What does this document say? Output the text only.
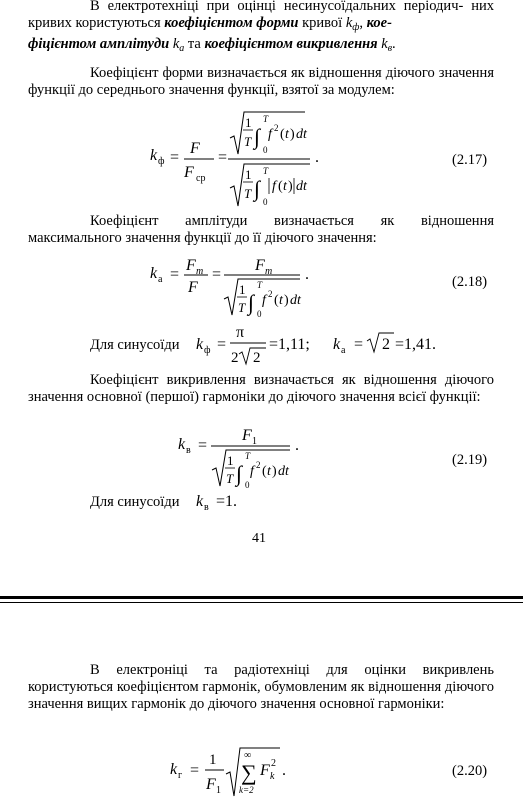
В електротехніці при оцінці несинусоїдальних періодич- них кривих користуються коефіцієнтом форми кривої $k_ф$, кое-
фіцієнтом амплітуди $k_а$ та коефіцієнтом викривлення $k_в$.
Коефіцієнт форми визначається як відношення діючого значення функції до середнього значення функції, взятої за модулем:
k ф =
F
F ср
=
1
T ∫
T
0
f 2 ( t ) dt
1
T ∫
T
0
f ( t ) dt
.	(2.17)
Коефіцієнт амплітуди визначається як відношення максимального значення функції до її діючого значення:
k а =
F m
F
=
F m
1
T ∫
T
0
f 2 ( t ) dt
.	(2.18)
Для синусоїди k ф =
π
2 2
=1,11; k а = 2 =1,41.
Коефіцієнт викривлення визначається як відношення діючого значення основної (першої) гармоніки до діючого значення всієї функції:
k в =
F 1
1
T ∫
T
0
f 2 ( t ) dt
.
(2.19)
Для синусоїди k в =1.
41
В електроніці та радіотехніці для оцінки викривлень користуються коефіцієнтом гармонік, обумовленим як відношення діючого значення вищих гармонік до діючого значення основної гармоніки:
k г =
1
F 1
∞
∑
k=2
F k
2 .	(2.20)
